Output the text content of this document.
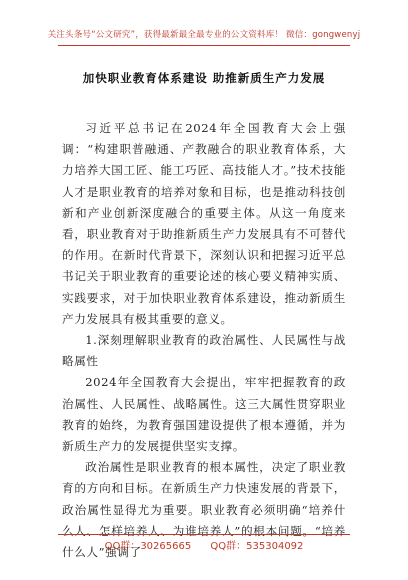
关注头条号“公文研究”，获得最新最全最专业的公文资料库！ 微信：gongwenyj
加快职业教育体系建设 助推新质生产力发展

习近平总书记在2024年全国教育大会上强调：“构建职普融通、产教融合的职业教育体系，大力培养大国工匠、能工巧匠、高技能人才。”技术技能人才是职业教育的培养对象和目标，也是推动科技创新和产业创新深度融合的重要主体。从这一角度来看，职业教育对于助推新质生产力发展具有不可替代的作用。在新时代背景下，深刻认识和把握习近平总书记关于职业教育的重要论述的核心要义精神实质、实践要求，对于加快职业教育体系建设，推动新质生产力发展具有极其重要的意义。

1.深刻理解职业教育的政治属性、人民属性与战略属性

2024年全国教育大会提出，牢牢把握教育的政治属性、人民属性、战略属性。这三大属性贯穿职业教育的始终，为教育强国建设提供了根本遵循，并为新质生产力的发展提供坚实支撑。

政治属性是职业教育的根本属性，决定了职业教育的方向和目标。在新质生产力快速发展的背景下，政治属性显得尤为重要。职业教育必须明确“培养什么人、怎样培养人、为谁培养人”的根本问题。“培养什么人”强调了

QQ群：30265665 QQ群：535304092
